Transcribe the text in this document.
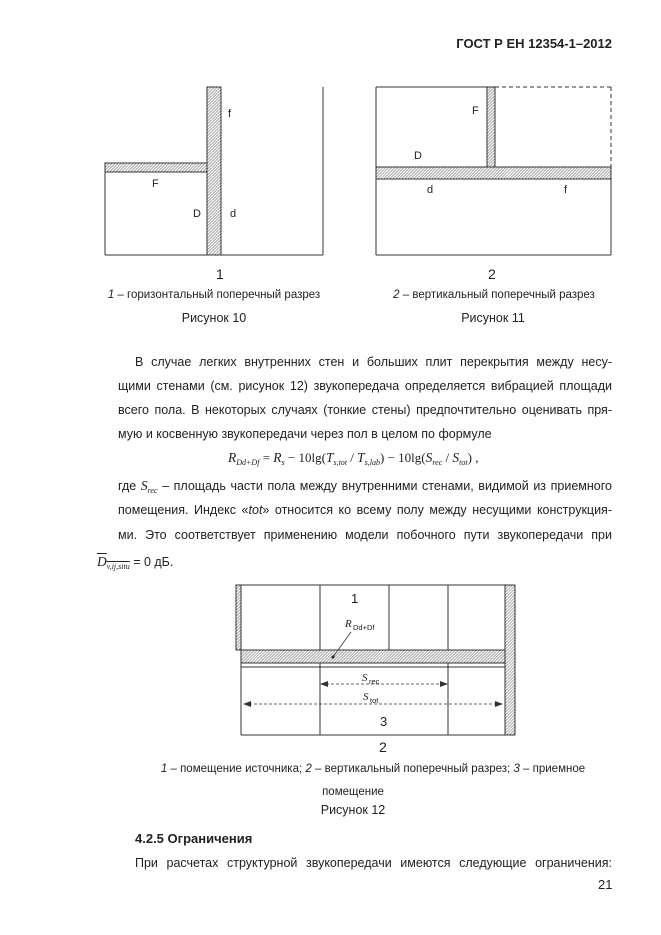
ГОСТ Р ЕН 12354-1–2012
f
F
D	d
F
D
d	f
1	2
1 – горизонтальный поперечный разрез
Рисунок 10
2 – вертикальный поперечный разрез
Рисунок 11
В случае легких внутренних стен и больших плит перекрытия между несу-
щими стенами (см. рисунок 12) звукопередача определяется вибрацией площади
всего пола. В некоторых случаях (тонкие стены) предпочтительно оценивать пря-
мую и косвенную звукопередачи через пол в целом по формуле
$R_{Dd+Df} = R_s - 10\lg(T_{s,tot} / T_{s,lab}) - 10\lg(S_{rec} / S_{tot})$ ,
где $S_{rec}$ – площадь части пола между внутренними стенами, видимой из приемного
помещения. Индекс «tot» относится ко всему полу между несущими конструкция-
ми. Это соответствует применению модели побочного пути звукопередачи при
$D_{v,ij,situ} = 0$ дБ.
1
R Dd+Df
S rec
S tot
3
2
1 – помещение источника; 2 – вертикальный поперечный разрез; 3 – приемное
помещение
Рисунок 12
4.2.5 Ограничения
При расчетах структурной звукопередачи имеются следующие ограничения:
21
